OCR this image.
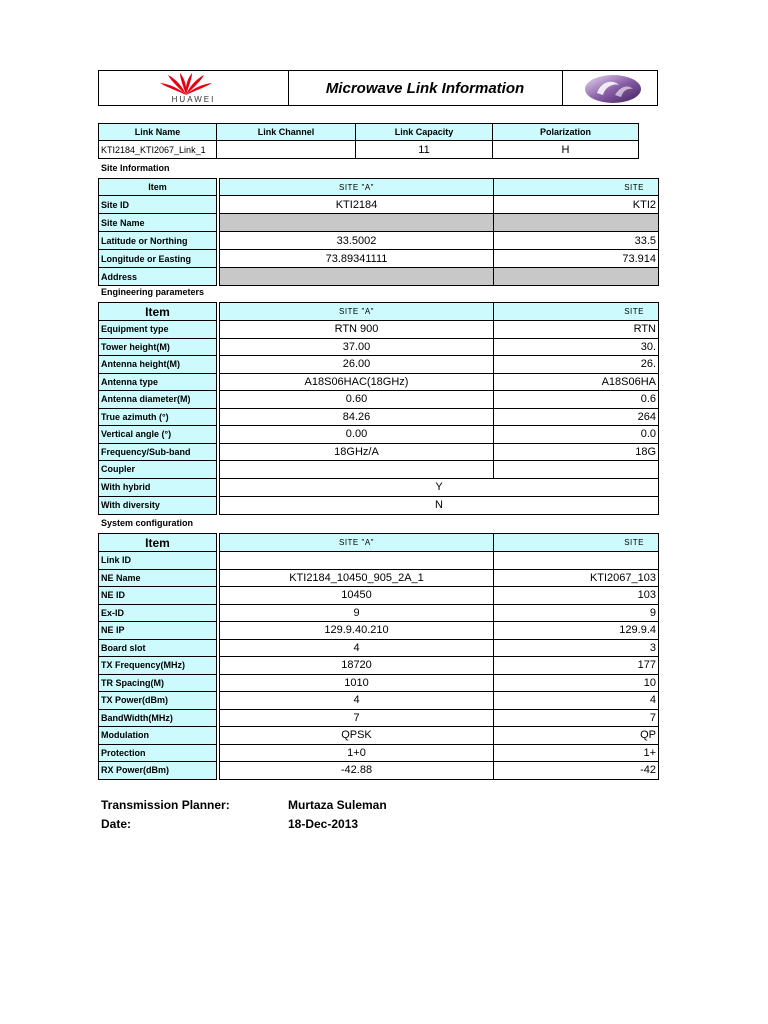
HUAWEI
Microwave Link Information
Link Name	Link Channel	Link Capacity	Polarization
KTI2184_KTI2067_Link_1		11	H
Site Information
Item		SITE "A"	SITE
Site ID		KTI2184	KTI2
Site Name			
Latitude or Northing		33.5002	33.5
Longitude or Easting		73.89341111	73.914
Address			
Engineering parameters
Item		SITE "A"	SITE
Equipment type		RTN 900	RTN
Tower height(M)		37.00	30.
Antenna height(M)		26.00	26.
Antenna type		A18S06HAC(18GHz)	A18S06HA
Antenna diameter(M)		0.60	0.6
True azimuth (°)		84.26	264
Vertical angle (°)		0.00	0.0
Frequency/Sub-band		18GHz/A	18G
Coupler			
With hybrid		Y	
With diversity		N	
System configuration
Item		SITE "A"	SITE
Link ID			
NE Name		KTI2184_10450_905_2A_1	KTI2067_103
NE ID		10450	103
Ex-ID		9	9
NE IP		129.9.40.210	129.9.4
Board slot		4	3
TX Frequency(MHz)		18720	177
TR Spacing(M)		1010	10
TX Power(dBm)		4	4
BandWidth(MHz)		7	7
Modulation		QPSK	QP
Protection		1+0	1+
RX Power(dBm)		-42.88	-42
Transmission Planner:	Murtaza Suleman
Date:	18-Dec-2013
